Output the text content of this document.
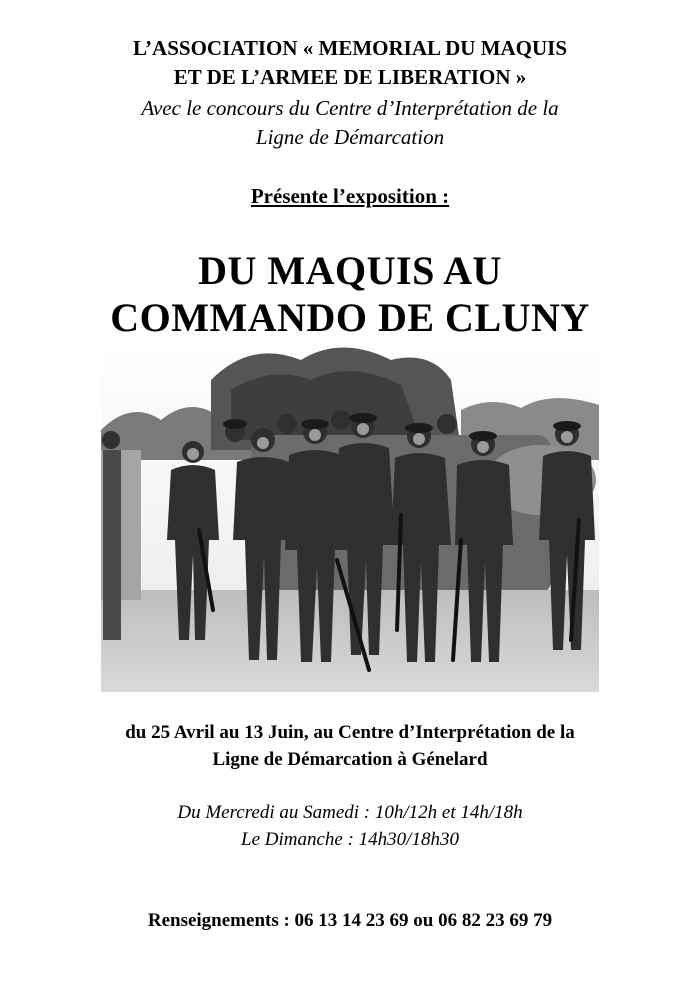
L’ASSOCIATION « MEMORIAL DU MAQUIS
ET DE L’ARMEE DE LIBERATION »
Avec le concours du Centre d’Interprétation de la
Ligne de Démarcation
Présente l’exposition :
DU MAQUIS AU
COMMANDO DE CLUNY
du 25 Avril au 13 Juin, au Centre d’Interprétation de la
Ligne de Démarcation à Génelard
Du Mercredi au Samedi : 10h/12h et 14h/18h
Le Dimanche : 14h30/18h30
Renseignements : 06 13 14 23 69 ou 06 82 23 69 79
